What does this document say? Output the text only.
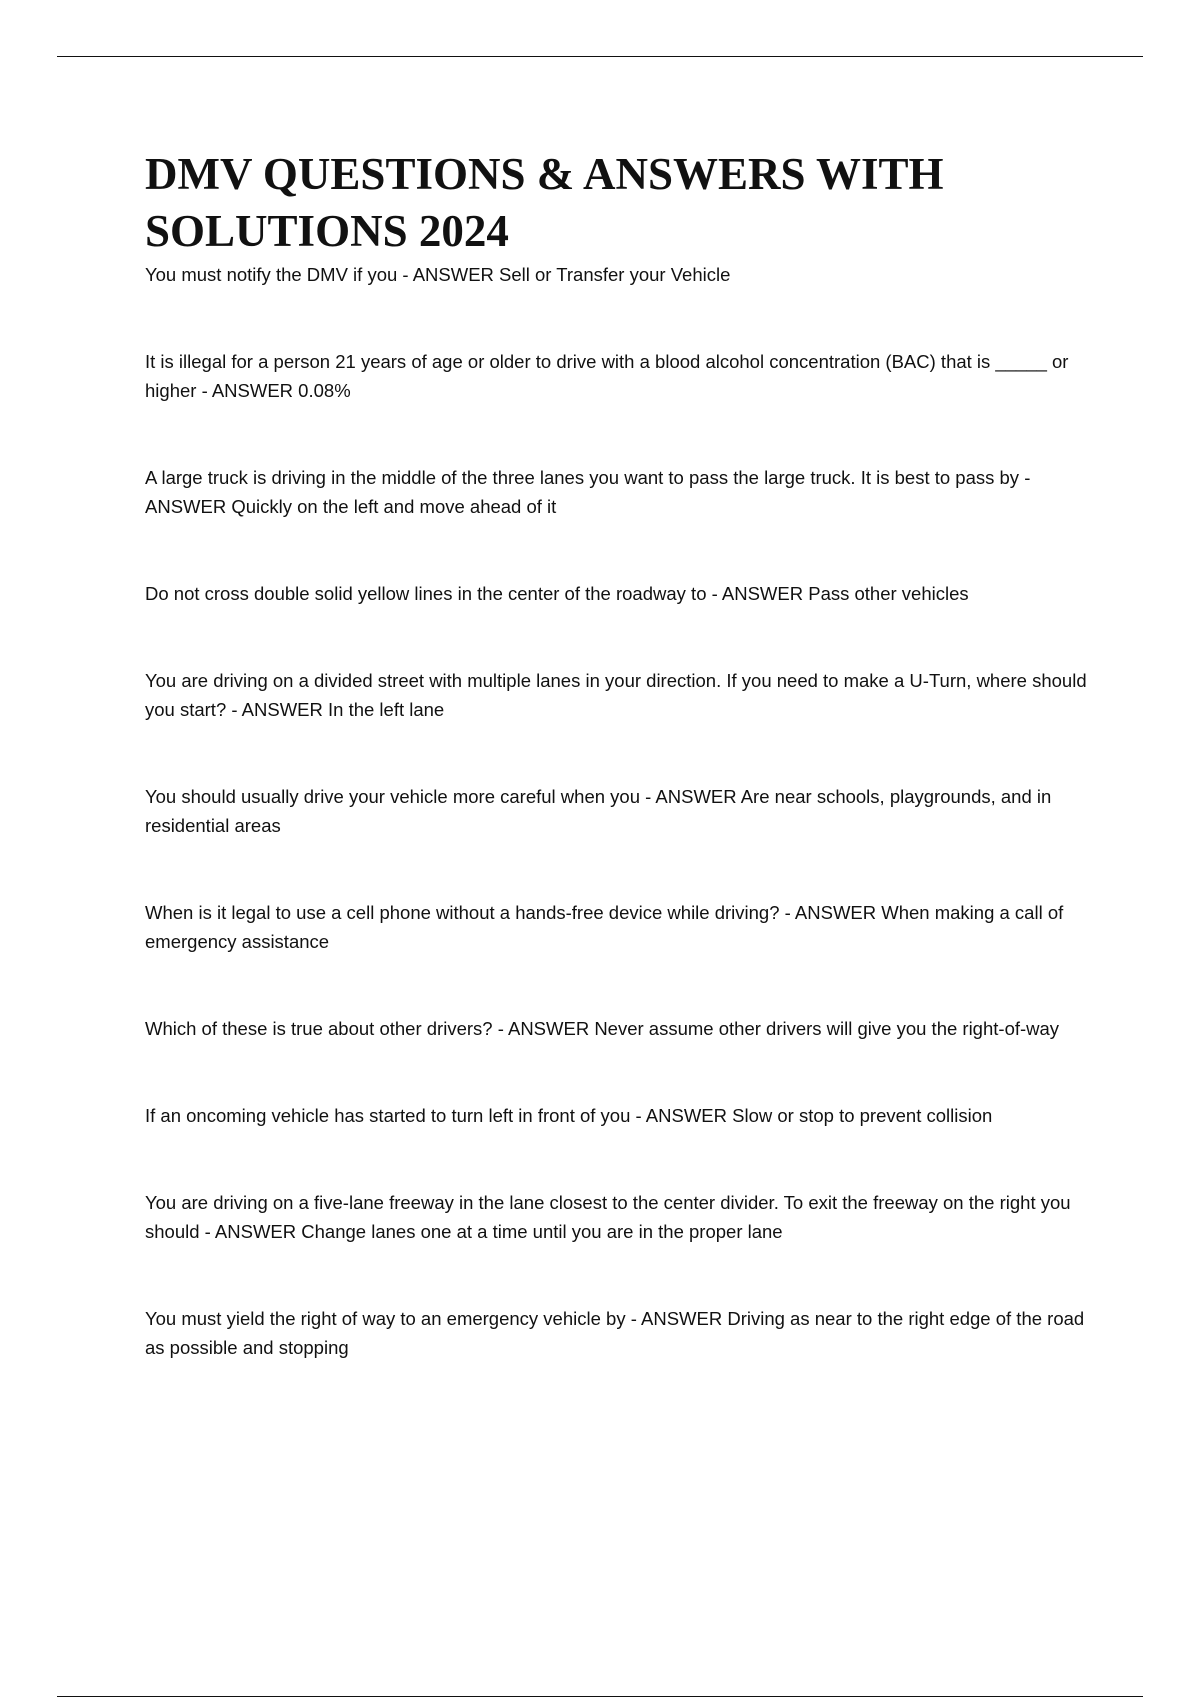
DMV QUESTIONS & ANSWERS WITH SOLUTIONS 2024
You must notify the DMV if you - ANSWER Sell or Transfer your Vehicle
It is illegal for a person 21 years of age or older to drive with a blood alcohol concentration (BAC) that is _____ or higher - ANSWER 0.08%
A large truck is driving in the middle of the three lanes you want to pass the large truck. It is best to pass by - ANSWER Quickly on the left and move ahead of it
Do not cross double solid yellow lines in the center of the roadway to - ANSWER Pass other vehicles
You are driving on a divided street with multiple lanes in your direction. If you need to make a U-Turn, where should you start? - ANSWER In the left lane
You should usually drive your vehicle more careful when you - ANSWER Are near schools, playgrounds, and in residential areas
When is it legal to use a cell phone without a hands-free device while driving? - ANSWER When making a call of emergency assistance
Which of these is true about other drivers? - ANSWER Never assume other drivers will give you the right-of-way
If an oncoming vehicle has started to turn left in front of you - ANSWER Slow or stop to prevent collision
You are driving on a five-lane freeway in the lane closest to the center divider. To exit the freeway on the right you should - ANSWER Change lanes one at a time until you are in the proper lane
You must yield the right of way to an emergency vehicle by - ANSWER Driving as near to the right edge of the road as possible and stopping
